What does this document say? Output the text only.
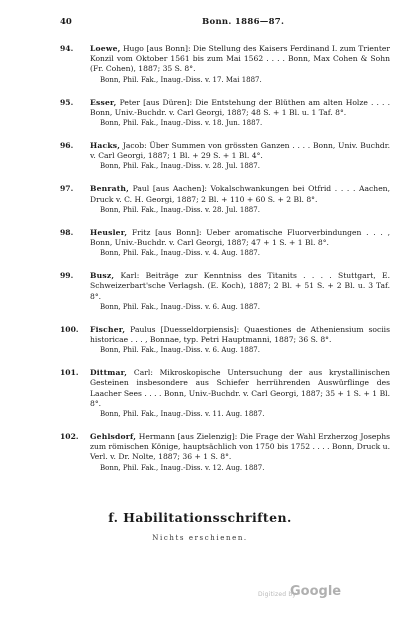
40	Bonn. 1886—87.
94.	Loewe, Hugo [aus Bonn]: Die Stellung des Kaisers Ferdinand I. zum Trienter Konzil vom Oktober 1561 bis zum Mai 1562 . . . . Bonn, Max Cohen & Sohn (Fr. Cohen), 1887; 35 S. 8°.
Bonn, Phil. Fak., Inaug.-Diss. v. 17. Mai 1887.
95.	Esser, Peter [aus Düren]: Die Entstehung der Blüthen am alten Holze . . . . Bonn, Univ.-Buchdr. v. Carl Georgi, 1887; 48 S. + 1 Bl. u. 1 Taf. 8°.
Bonn, Phil. Fak., Inaug.-Diss. v. 18. Jun. 1887.
96.	Hacks, Jacob: Über Summen von grössten Ganzen . . . . Bonn, Univ. Buchdr. v. Carl Georgi, 1887; 1 Bl. + 29 S. + 1 Bl. 4°.
Bonn, Phil. Fak., Inaug.-Diss. v. 28. Jul. 1887.
97.	Benrath, Paul [aus Aachen]: Vokalschwankungen bei Otfrid . . . . Aachen, Druck v. C. H. Georgi, 1887; 2 Bl. + 110 + 60 S. + 2 Bl. 8°.
Bonn, Phil. Fak., Inaug.-Diss. v. 28. Jul. 1887.
98.	Heusler, Fritz [aus Bonn]: Ueber aromatische Fluorverbindungen . . . , Bonn, Univ.-Buchdr. v. Carl Georgi, 1887; 47 + 1 S. + 1 Bl. 8°.
Bonn, Phil. Fak., Inaug.-Diss. v. 4. Aug. 1887.
99.	Busz, Karl: Beiträge zur Kenntniss des Titanits . . . . Stuttgart, E. Schweizerbart'sche Verlagsh. (E. Koch), 1887; 2 Bl. + 51 S. + 2 Bl. u. 3 Taf. 8°.
Bonn, Phil. Fak., Inaug.-Diss. v. 6. Aug. 1887.
100.	Fischer, Paulus [Duesseldorpiensis]: Quaestiones de Atheniensium sociis historicae . . . , Bonnae, typ. Petri Hauptmanni, 1887; 36 S. 8°.
Bonn, Phil. Fak., Inaug.-Diss. v. 6. Aug. 1887.
101.	Dittmar, Carl: Mikroskopische Untersuchung der aus krystallinischen Gesteinen insbesondere aus Schiefer herrührenden Auswürflinge des Laacher Sees . . . . Bonn, Univ.-Buchdr. v. Carl Georgi, 1887; 35 + 1 S. + 1 Bl. 8°.
Bonn, Phil. Fak., Inaug.-Diss. v. 11. Aug. 1887.
102.	Gehlsdorf, Hermann [aus Zielenzig]: Die Frage der Wahl Erzherzog Josephs zum römischen Könige, hauptsächlich von 1750 bis 1752 . . . . Bonn, Druck u. Verl. v. Dr. Nolte, 1887; 36 + 1 S. 8°.
Bonn, Phil. Fak., Inaug.-Diss. v. 12. Aug. 1887.
f. Habilitationsschriften.
Nichts erschienen.
Digitized by
Google
